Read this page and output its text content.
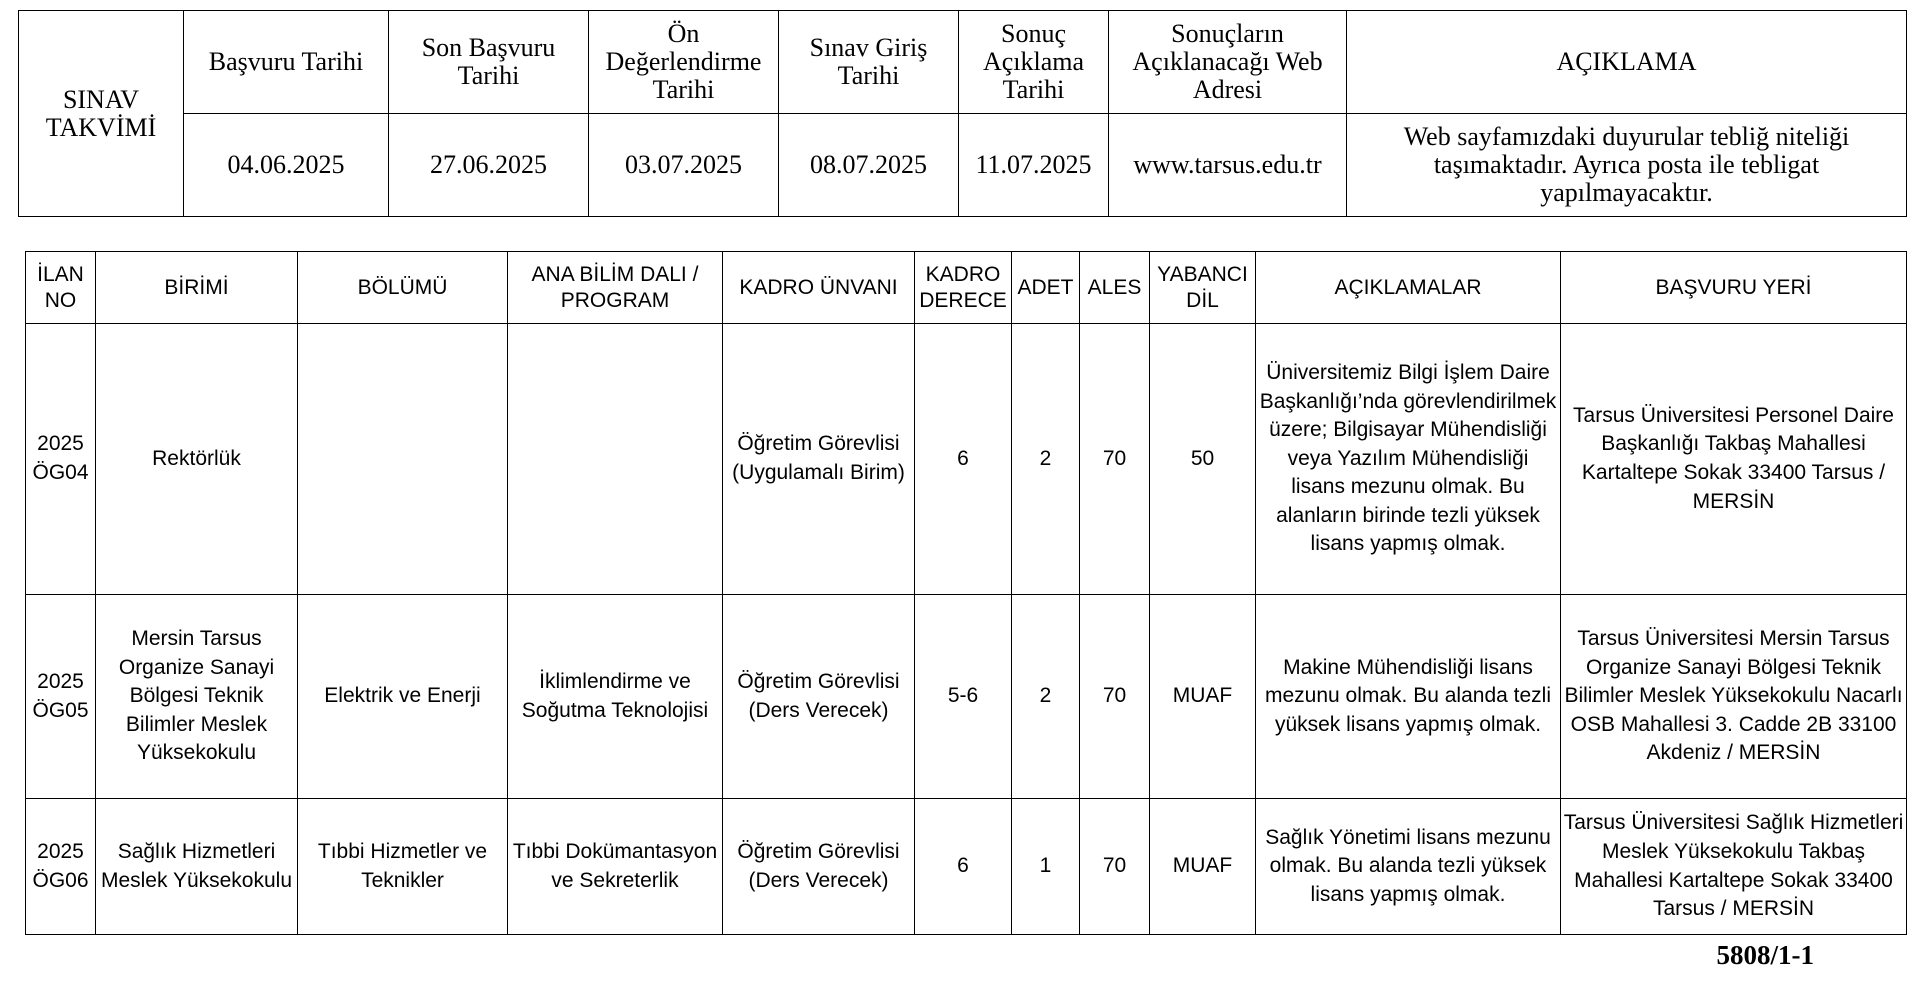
SINAV TAKVİMİ	Başvuru Tarihi	Son Başvuru Tarihi	Ön Değerlendirme Tarihi	Sınav Giriş Tarihi	Sonuç Açıklama Tarihi	Sonuçların Açıklanacağı Web Adresi	AÇIKLAMA
	04.06.2025	27.06.2025	03.07.2025	08.07.2025	11.07.2025	www.tarsus.edu.tr	Web sayfamızdaki duyurular tebliğ niteliği taşımaktadır. Ayrıca posta ile tebligat yapılmayacaktır.
İLAN NO	BİRİMİ	BÖLÜMÜ	ANA BİLİM DALI / PROGRAM	KADRO ÜNVANI	KADRO DERECE	ADET	ALES	YABANCI DİL	AÇIKLAMALAR	BAŞVURU YERİ
2025 ÖG04	Rektörlük			Öğretim Görevlisi (Uygulamalı Birim)	6	2	70	50	Üniversitemiz Bilgi İşlem Daire Başkanlığı’nda görevlendirilmek üzere; Bilgisayar Mühendisliği veya Yazılım Mühendisliği lisans mezunu olmak. Bu alanların birinde tezli yüksek lisans yapmış olmak.	Tarsus Üniversitesi Personel Daire Başkanlığı Takbaş Mahallesi Kartaltepe Sokak 33400 Tarsus / MERSİN
2025 ÖG05	Mersin Tarsus Organize Sanayi Bölgesi Teknik Bilimler Meslek Yüksekokulu	Elektrik ve Enerji	İklimlendirme ve Soğutma Teknolojisi	Öğretim Görevlisi (Ders Verecek)	5-6	2	70	MUAF	Makine Mühendisliği lisans mezunu olmak. Bu alanda tezli yüksek lisans yapmış olmak.	Tarsus Üniversitesi Mersin Tarsus Organize Sanayi Bölgesi Teknik Bilimler Meslek Yüksekokulu Nacarlı OSB Mahallesi 3. Cadde 2B 33100 Akdeniz / MERSİN
2025 ÖG06	Sağlık Hizmetleri Meslek Yüksekokulu	Tıbbi Hizmetler ve Teknikler	Tıbbi Dokümantasyon ve Sekreterlik	Öğretim Görevlisi (Ders Verecek)	6	1	70	MUAF	Sağlık Yönetimi lisans mezunu olmak. Bu alanda tezli yüksek lisans yapmış olmak.	Tarsus Üniversitesi Sağlık Hizmetleri Meslek Yüksekokulu Takbaş Mahallesi Kartaltepe Sokak 33400 Tarsus / MERSİN
5808/1-1
